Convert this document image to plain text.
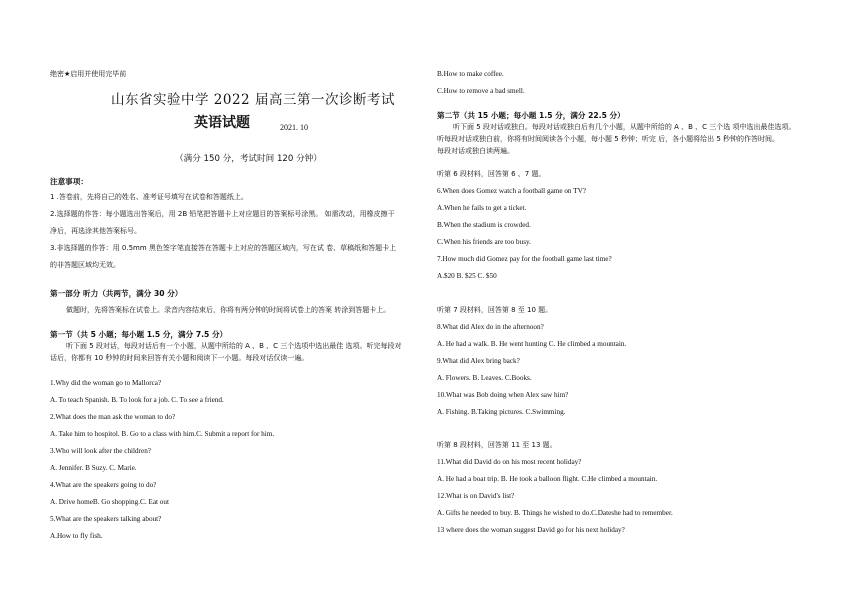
绝密★启用并使用完毕前
山东省实验中学 2022 届高三第一次诊断考试
英语试题	2021. 10
（满分 150 分，考试时间 120 分钟）
注意事项：
1 .答卷前，先将自己的姓名、准考证号填写在试卷和答题纸上。
2.选择题的作答：每小题选出答案后，用 2B 铅笔把答题卡上对应题目的答案标号涂黑。 如需改动，用橡皮擦干
净后，再选涂其他答案标号。
3.非选择题的作答：用 0.5mm 黑色签字笔直接答在答题卡上对应的答题区域内，写在试 卷、草稿纸和答题卡上
的非答题区域均无效。
第一部分 听力（共两节，满分 30 分）
做题时，先将答案标在试卷上。录音内容结束后，你将有两分钟的时间将试卷上的答案 转涂到答题卡上。
第一节（共 5 小题；每小题 1.5 分，满分 7.5 分）
听下面 5 段对话，每段对话后有一个小题，从题中所给的 A 、B 、C 三个选项中选出最佳 选项。听完每段对
话后，你都有 10 秒钟的时间来回答有关小题和阅读下一小题。每段对话仅读一遍。
1.Why did the woman go to Mallorca?
A. To teach Spanish. B. To look for a job. C. To see a friend.
2.What does the man ask the woman to do?
A. Take him to hospitol. B. Go to a class with him.C. Submit a report for him.
3.Who will look after the children?
A. Jennifer. B Suzy. C. Marie.
4.What are the speakers going to do?
A. Drive homeB. Go shopping.C. Eat out
5.What are the speakers talking about?
A.How to fly fish.
B.How to make coffee.
C.How to remove a bad smell.
第二节（共 15 小题；每小题 1.5 分，满分 22.5 分）
听下面 5 段对话或独白。每段对话或独白后有几个小题，从题中所给的 A 、B 、C 三个选 项中选出最佳选项。
听每段对话或独白前，你将有时间阅读各个小题，每小题 5 秒钟；听完 后，各小题将给出 5 秒钟的作答时间。
每段对话或独白读两遍。
听第 6 段材料，回答第 6 、7 题。
6.When does Gomez watch a football game on TV?
A.When he fails to get a ticket.
B.When the stadium is crowded.
C.When his friends are too busy.
7.How much did Gomez pay for the football game last time?
A.$20 B. $25 C. $50
听第 7 段材料，回答第 8 至 10 题。
8.What did Alex do in the afternoon?
A. He had a walk. B. He went hunting C. He climbed a mountain.
9.What did Alex bring back?
A. Flowers. B. Leaves. C.Books.
10.What was Bob doing when Alex saw him?
A. Fishing. B.Taking pictures. C.Swimming.
听第 8 段材料，回答第 11 至 13 题。
11.What did David do on his most recent holiday?
A. He had a boat trip. B. He took a balloon flight. C.He climbed a mountain.
12.What is on David's list?
A. Gifts he needed to buy. B. Things he wished to do.C.Dateshe had to remember.
13 where does the woman suggest David go for his next holiday?
